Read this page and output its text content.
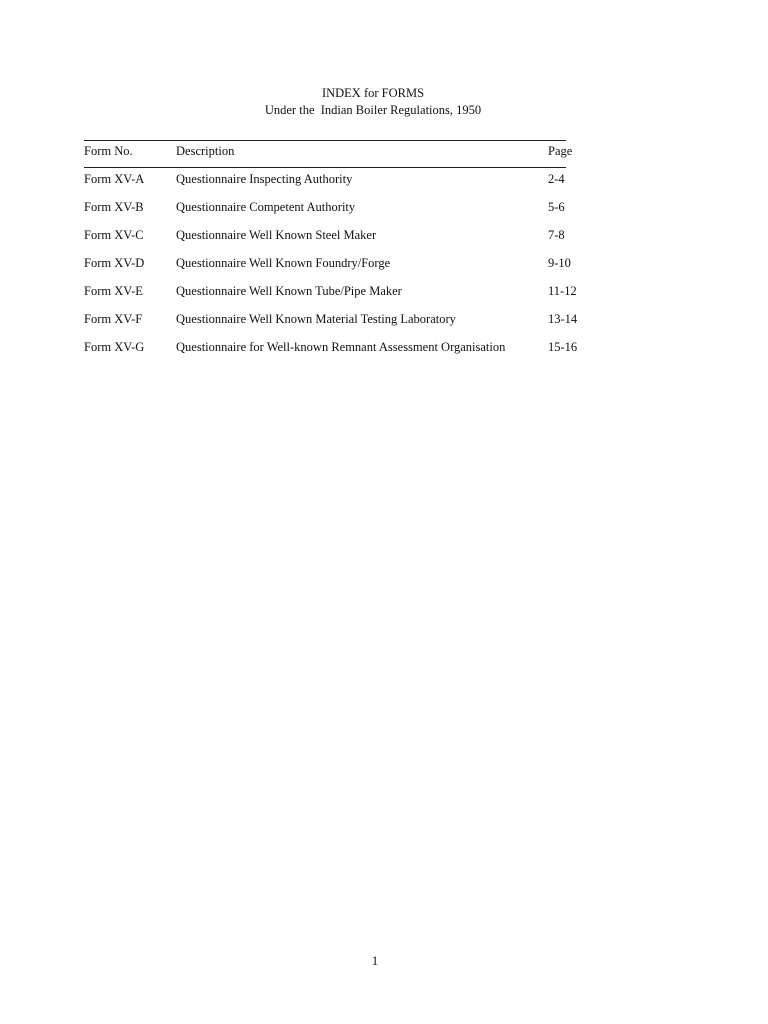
INDEX for FORMS
Under the  Indian Boiler Regulations, 1950
Form No.	Description	Page
Form XV-A	Questionnaire Inspecting Authority	2-4
Form XV-B	Questionnaire Competent Authority	5-6
Form XV-C	Questionnaire Well Known Steel Maker	7-8
Form XV-D	Questionnaire Well Known Foundry/Forge	9-10
Form XV-E	Questionnaire Well Known Tube/Pipe Maker	11-12
Form XV-F	Questionnaire Well Known Material Testing Laboratory	13-14
Form XV-G	Questionnaire for Well-known Remnant Assessment Organisation	15-16
1
